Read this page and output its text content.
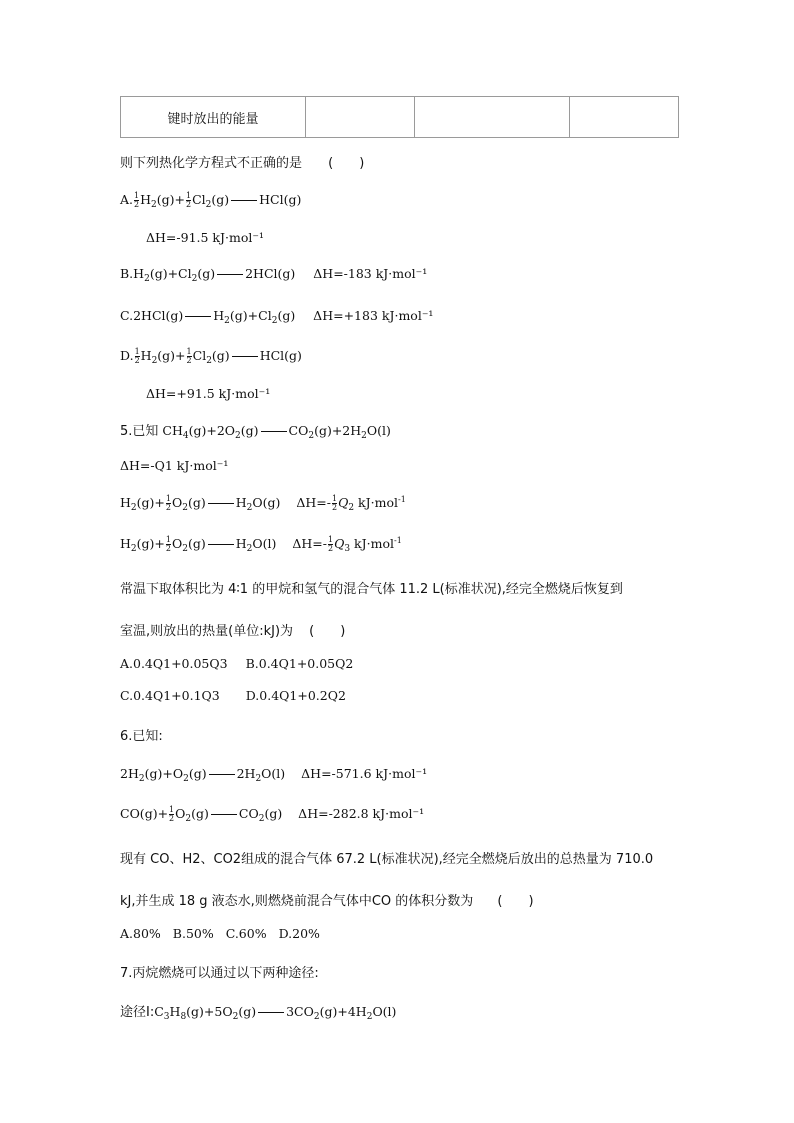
键时放出的能量			
则下列热化学方程式不正确的是 (　　)
A. $\frac{1}{2} H_2(g)+ \frac{1}{2} Cl_2(g)$ HCl(g)
ΔH=-91.5 kJ·mol⁻¹
$B.H_2(g)+Cl_2(g)$ 2HCl(g) ΔH=-183 kJ·mol⁻¹
C.2HCl(g) $H_2(g)+Cl_2(g)$ ΔH=+183 kJ·mol⁻¹
D. $\frac{1}{2} H_2(g)+ \frac{1}{2} Cl_2(g)$ HCl(g)
ΔH=+91.5 kJ·mol⁻¹
5.已知 $CH_4(g)+2O_2(g)$ $CO_2(g)+2H_2O(l)$
ΔH=-Q1 kJ·mol⁻¹
$H_2(g)+ \frac{1}{2} O_2(g)$ $H_2O(g)$ $\Delta H=- \frac{1}{2} Q_2$ kJ·mol$^{-1}$
$H_2(g)+ \frac{1}{2} O_2(g)$ $H_2O(l)$ $\Delta H=- \frac{1}{2} Q_3$ kJ·mol$^{-1}$
常温下取体积比为 4∶1 的甲烷和氢气的混合气体 11.2 L(标准状况),经完全燃烧后恢复到
室温,则放出的热量(单位:kJ)为 (　　)
A.0.4Q1+0.05Q3 B.0.4Q1+0.05Q2
C.0.4Q1+0.1Q3 D.0.4Q1+0.2Q2
6.已知:
$2H_2(g)+O_2(g)$ $2H_2O(l)$ ΔH=-571.6 kJ·mol⁻¹
$CO(g)+ \frac{1}{2} O_2(g)$ $CO_2(g)$ ΔH=-282.8 kJ·mol⁻¹
现有 CO、H2、CO2组成的混合气体 67.2 L(标准状况),经完全燃烧后放出的总热量为 710.0
kJ,并生成 18 g 液态水,则燃烧前混合气体中CO 的体积分数为 (　　)
A.80% B.50% C.60% D.20%
7.丙烷燃烧可以通过以下两种途径:
途径$Ⅰ:C_3H_8(g)+5O_2(g)$ $3CO_2(g)+4H_2O(l)$
